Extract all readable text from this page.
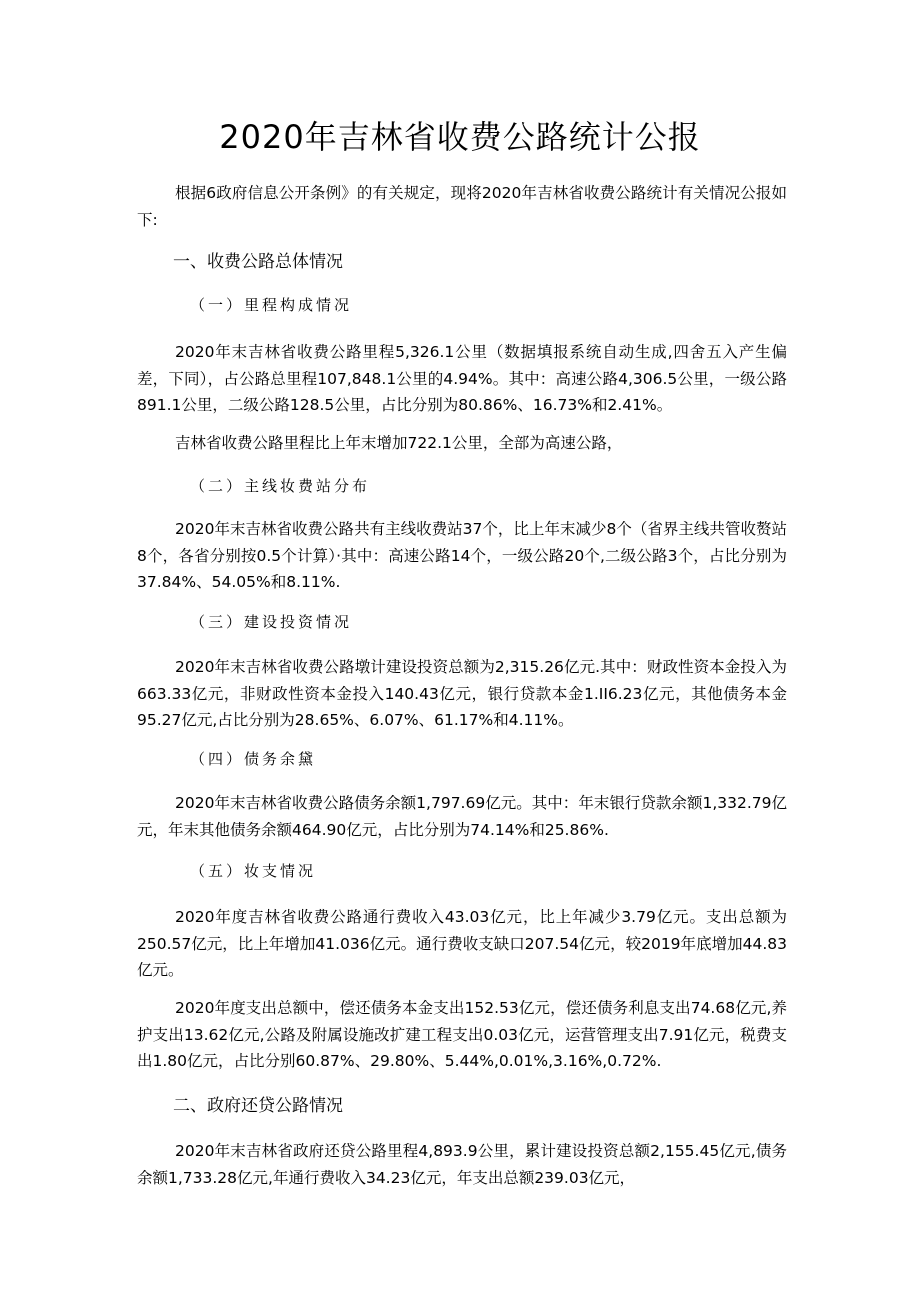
2020年吉林省收费公路统计公报

根据6政府信息公开条例》的有关规定，现将2020年吉林省收费公路统计有关情况公报如下:

一、收费公路总体情况

（一）里程构成情况

2020年末吉林省收费公路里程5,326.1公里（数据填报系统自动生成,四舍五入产生偏差，下同），占公路总里程107,848.1公里的4.94%。其中：高速公路4,306.5公里，一级公路891.1公里，二级公路128.5公里，占比分别为80.86%、16.73%和2.41%。

吉林省收费公路里程比上年末增加722.1公里，全部为高速公路，

（二）主线妆费站分布

2020年末吉林省收费公路共有主线收费站37个，比上年末减少8个（省界主线共管收赘站8个，各省分别按0.5个计算）·其中：高速公路14个，一级公路20个,二级公路3个，占比分别为37.84%、54.05%和8.11%.

（三）建设投资情况

2020年末吉林省收费公路墩计建设投资总额为2,315.26亿元.其中：财政性资本金投入为663.33亿元，非财政性资本金投入140.43亿元，银行贷款本金1.II6.23亿元，其他债务本金95.27亿元,占比分别为28.65%、6.07%、61.17%和4.11%。

（四）债务余黛

2020年末吉林省收费公路债务余额1,797.69亿元。其中：年末银行贷款余额1,332.79亿元，年末其他债务余额464.90亿元，占比分别为74.14%和25.86%.

（五）妆支情况

2020年度吉林省收费公路通行费收入43.03亿元，比上年减少3.79亿元。支出总额为250.57亿元，比上年增加41.036亿元。通行费收支缺口207.54亿元，较2019年底增加44.83亿元。

2020年度支出总额中，偿还债务本金支出152.53亿元，偿还债务利息支出74.68亿元,养护支出13.62亿元,公路及附属设施改扩建工程支出0.03亿元，运营管理支出7.91亿元，税费支出1.80亿元，占比分别60.87%、29.80%、5.44%,0.01%,3.16%,0.72%.

二、政府还贷公路情况

2020年末吉林省政府还贷公路里程4,893.9公里，累计建设投资总额2,155.45亿元,债务余额1,733.28亿元,年通行费收入34.23亿元，年支出总额239.03亿元，
